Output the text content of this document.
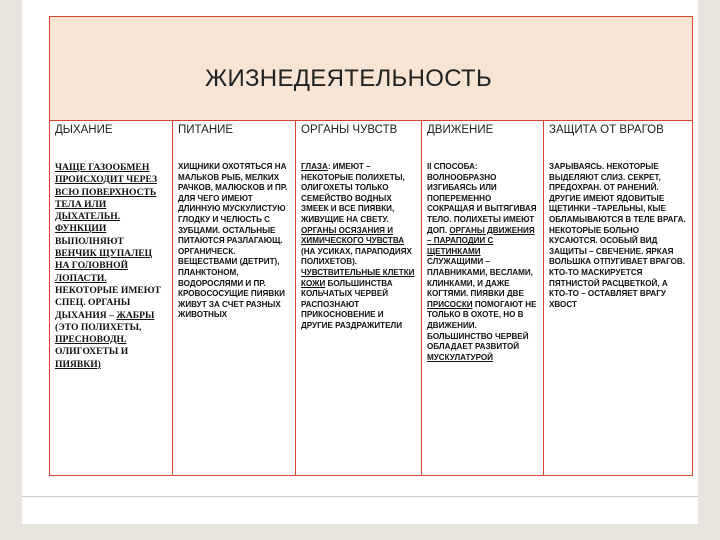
ЖИЗНЕДЕЯТЕЛЬНОСТЬ
ДЫХАНИЕ
ЧАЩЕ ГАЗООБМЕН ПРОИСХОДИТ ЧЕРЕЗ ВСЮ ПОВЕРХНОСТЬ ТЕЛА ИЛИ ДЫХАТЕЛЬН. ФУНКЦИИ ВЫПОЛНЯЮТ ВЕНЧИК ЩУПАЛЕЦ НА ГОЛОВНОЙ ЛОПАСТИ. НЕКОТОРЫЕ ИМЕЮТ СПЕЦ. ОРГАНЫ ДЫХАНИЯ – ЖАБРЫ (ЭТО ПОЛИХЕТЫ, ПРЕСНОВОДН. ОЛИГОХЕТЫ И ПИЯВКИ)
ПИТАНИЕ
ХИЩНИКИ ОХОТЯТЬСЯ НА МАЛЬКОВ РЫБ, МЕЛКИХ РАЧКОВ, МАЛЮСКОВ И ПР. ДЛЯ ЧЕГО ИМЕЮТ ДЛИННУЮ МУСКУЛИСТУЮ ГЛОДКУ И ЧЕЛЮСТЬ С ЗУБЦАМИ. ОСТАЛЬНЫЕ ПИТАЮТСЯ РАЗЛАГАЮЩ. ОРГАНИЧЕСК. ВЕЩЕСТВАМИ (ДЕТРИТ), ПЛАНКТОНОМ, ВОДОРОСЛЯМИ И ПР. КРОВОСОСУЩИЕ ПИЯВКИ ЖИВУТ ЗА СЧЕТ РАЗНЫХ ЖИВОТНЫХ
ОРГАНЫ ЧУВСТВ
ГЛАЗА: ИМЕЮТ – НЕКОТОРЫЕ ПОЛИХЕТЫ, ОЛИГОХЕТЫ ТОЛЬКО СЕМЕЙСТВО ВОДНЫХ ЗМЕЕК И ВСЕ ПИЯВКИ, ЖИВУЩИЕ НА СВЕТУ. ОРГАНЫ ОСЯЗАНИЯ И ХИМИЧЕСКОГО ЧУВСТВА (НА УСИКАХ, ПАРАПОДИЯХ ПОЛИХЕТОВ). ЧУВСТВИТЕЛЬНЫЕ КЛЕТКИ КОЖИ БОЛЬШИНСТВА КОЛЬЧАТЫХ ЧЕРВЕЙ РАСПОЗНАЮТ ПРИКОСНОВЕНИЕ И ДРУГИЕ РАЗДРАЖИТЕЛИ
ДВИЖЕНИЕ
II СПОСОБА: ВОЛНООБРАЗНО ИЗГИБАЯСЬ ИЛИ ПОПЕРЕМЕННО СОКРАЩАЯ И ВЫТЯГИВАЯ ТЕЛО. ПОЛИХЕТЫ ИМЕЮТ ДОП. ОРГАНЫ ДВИЖЕНИЯ – ПАРАПОДИИ С ЩЕТИНКАМИ СЛУЖАЩИМИ – ПЛАВНИКАМИ, ВЕСЛАМИ, КЛИНКАМИ, И ДАЖЕ КОГТЯМИ. ПИЯВКИ ДВЕ ПРИСОСКИ ПОМОГАЮТ НЕ ТОЛЬКО В ОХОТЕ, НО В ДВИЖЕНИИ. БОЛЬШИНСТВО ЧЕРВЕЙ ОБЛАДАЕТ РАЗВИТОЙ МУСКУЛАТУРОЙ
ЗАЩИТА ОТ ВРАГОВ
ЗАРЫВАЯСЬ. НЕКОТОРЫЕ ВЫДЕЛЯЮТ СЛИЗ. СЕКРЕТ, ПРЕДОХРАН. ОТ РАНЕНИЙ. ДРУГИЕ ИМЕЮТ ЯДОВИТЫЕ ЩЕТИНКИ –ТАРЕЛЬНЫ, КЫЕ ОБЛАМЫВАЮТСЯ В ТЕЛЕ ВРАГА. НЕКОТОРЫЕ БОЛЬНО КУСАЮТСЯ. ОСОБЫЙ ВИД ЗАЩИТЫ – СВЕЧЕНИЕ. ЯРКАЯ ВОЛЬШКА ОТПУГИВАЕТ ВРАГОВ. КТО-ТО МАСКИРУЕТСЯ ПЯТНИСТОЙ РАСЦВЕТКОЙ, А КТО-ТО – ОСТАВЛЯЕТ ВРАГУ ХВОСТ
